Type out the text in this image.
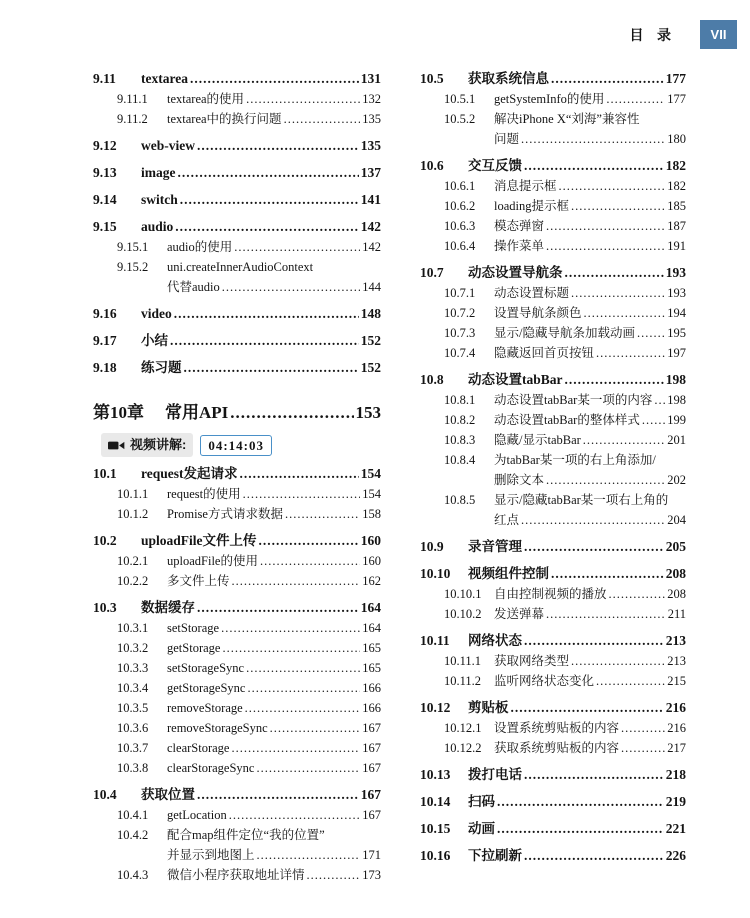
目 录	VII
9.11	textarea .....	131
9.11.1	textarea的使用 .....	132
9.11.2	textarea中的换行问题 .....	135
9.12	web-view .....	135
9.13	image .....	137
9.14	switch .....	141
9.15	audio .....	142
9.15.1	audio的使用 .....	142
9.15.2	uni.createInnerAudioContext
代替audio .....	144
9.16	video .....	148
9.17	小结 .....	152
9.18	练习题 .....	152
第10章	常用API .....	153
视频讲解:	04:14:03
10.1	request发起请求 .....	154
10.1.1	request的使用 .....	154
10.1.2	Promise方式请求数据 .....	158
10.2	uploadFile文件上传 .....	160
10.2.1	uploadFile的使用 .....	160
10.2.2	多文件上传 .....	162
10.3	数据缓存 .....	164
10.3.1	setStorage .....	164
10.3.2	getStorage .....	165
10.3.3	setStorageSync .....	165
10.3.4	getStorageSync .....	166
10.3.5	removeStorage .....	166
10.3.6	removeStorageSync .....	167
10.3.7	clearStorage .....	167
10.3.8	clearStorageSync .....	167
10.4	获取位置 .....	167
10.4.1	getLocation .....	167
10.4.2	配合map组件定位“我的位置”
并显示到地图上 .....	171
10.4.3	微信小程序获取地址详情 .....	173
10.5	获取系统信息 .....	177
10.5.1	getSystemInfo的使用 .....	177
10.5.2	解决iPhone X“刘海”兼容性
问题 .....	180
10.6	交互反馈 .....	182
10.6.1	消息提示框 .....	182
10.6.2	loading提示框 .....	185
10.6.3	模态弹窗 .....	187
10.6.4	操作菜单 .....	191
10.7	动态设置导航条 .....	193
10.7.1	动态设置标题 .....	193
10.7.2	设置导航条颜色 .....	194
10.7.3	显示/隐藏导航条加载动画 .....	195
10.7.4	隐藏返回首页按钮 .....	197
10.8	动态设置tabBar .....	198
10.8.1	动态设置tabBar某一项的内容 ..... 198
10.8.2	动态设置tabBar的整体样式 ..... 199
10.8.3	隐藏/显示tabBar .....	201
10.8.4	为tabBar某一项的右上角添加/
删除文本 .....	202
10.8.5	显示/隐藏tabBar某一项右上角的
红点 .....	204
10.9	录音管理 .....	205
10.10	视频组件控制 .....	208
10.10.1	自由控制视频的播放 .....	208
10.10.2	发送弹幕 .....	211
10.11	网络状态 .....	213
10.11.1	获取网络类型 .....	213
10.11.2	监听网络状态变化 .....	215
10.12	剪贴板 .....	216
10.12.1	设置系统剪贴板的内容 .....	216
10.12.2	获取系统剪贴板的内容 .....	217
10.13	拨打电话 .....	218
10.14	扫码 .....	219
10.15	动画 .....	221
10.16	下拉刷新 .....	226
